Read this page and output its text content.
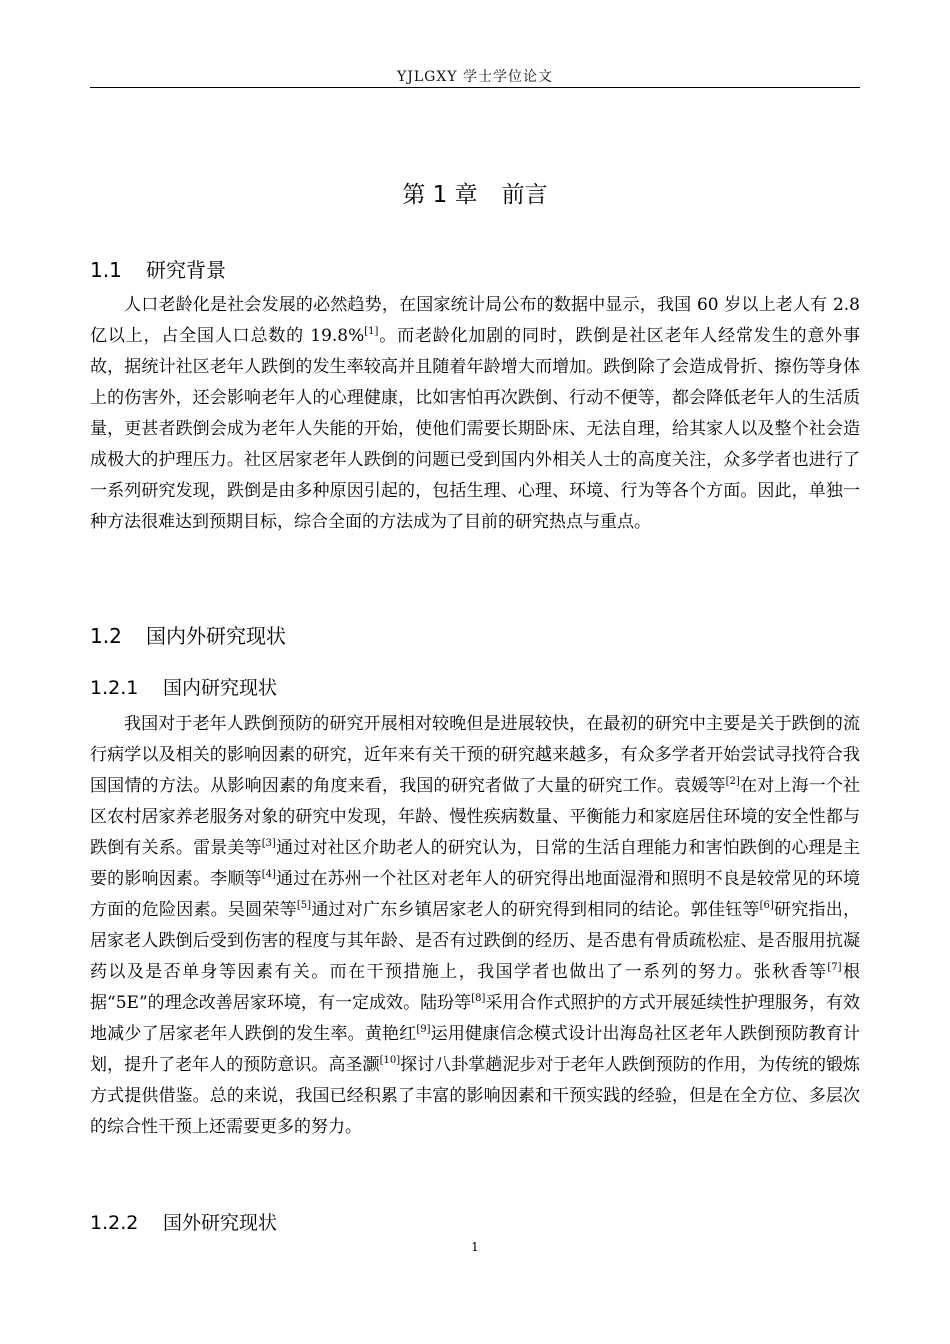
YJLGXY 学士学位论文
第 1 章 前言
1.1 研究背景
人口老龄化是社会发展的必然趋势，在国家统计局公布的数据中显示，我国 60 岁以上老人有 2.8 亿以上，占全国人口总数的 19.8%[1]。而老龄化加剧的同时，跌倒是社区老年人经常发生的意外事故，据统计社区老年人跌倒的发生率较高并且随着年龄增大而增加。跌倒除了会造成骨折、擦伤等身体上的伤害外，还会影响老年人的心理健康，比如害怕再次跌倒、行动不便等，都会降低老年人的生活质量，更甚者跌倒会成为老年人失能的开始，使他们需要长期卧床、无法自理，给其家人以及整个社会造成极大的护理压力。社区居家老年人跌倒的问题已受到国内外相关人士的高度关注，众多学者也进行了一系列研究发现，跌倒是由多种原因引起的，包括生理、心理、环境、行为等各个方面。因此，单独一种方法很难达到预期目标，综合全面的方法成为了目前的研究热点与重点。
1.2 国内外研究现状
1.2.1 国内研究现状
我国对于老年人跌倒预防的研究开展相对较晚但是进展较快，在最初的研究中主要是关于跌倒的流行病学以及相关的影响因素的研究，近年来有关干预的研究越来越多，有众多学者开始尝试寻找符合我国国情的方法。从影响因素的角度来看，我国的研究者做了大量的研究工作。袁媛等[2]在对上海一个社区农村居家养老服务对象的研究中发现，年龄、慢性疾病数量、平衡能力和家庭居住环境的安全性都与跌倒有关系。雷景美等[3]通过对社区介助老人的研究认为，日常的生活自理能力和害怕跌倒的心理是主要的影响因素。李顺等[4]通过在苏州一个社区对老年人的研究得出地面湿滑和照明不良是较常见的环境方面的危险因素。吴圆荣等[5]通过对广东乡镇居家老人的研究得到相同的结论。郭佳钰等[6]研究指出，居家老人跌倒后受到伤害的程度与其年龄、是否有过跌倒的经历、是否患有骨质疏松症、是否服用抗凝药以及是否单身等因素有关。而在干预措施上，我国学者也做出了一系列的努力。张秋香等[7]根据“5E”的理念改善居家环境，有一定成效。陆玢等[8]采用合作式照护的方式开展延续性护理服务，有效地减少了居家老年人跌倒的发生率。黄艳红[9]运用健康信念模式设计出海岛社区老年人跌倒预防教育计划，提升了老年人的预防意识。高圣灏[10]探讨八卦掌趟泥步对于老年人跌倒预防的作用，为传统的锻炼方式提供借鉴。总的来说，我国已经积累了丰富的影响因素和干预实践的经验，但是在全方位、多层次的综合性干预上还需要更多的努力。
1.2.2 国外研究现状
1
